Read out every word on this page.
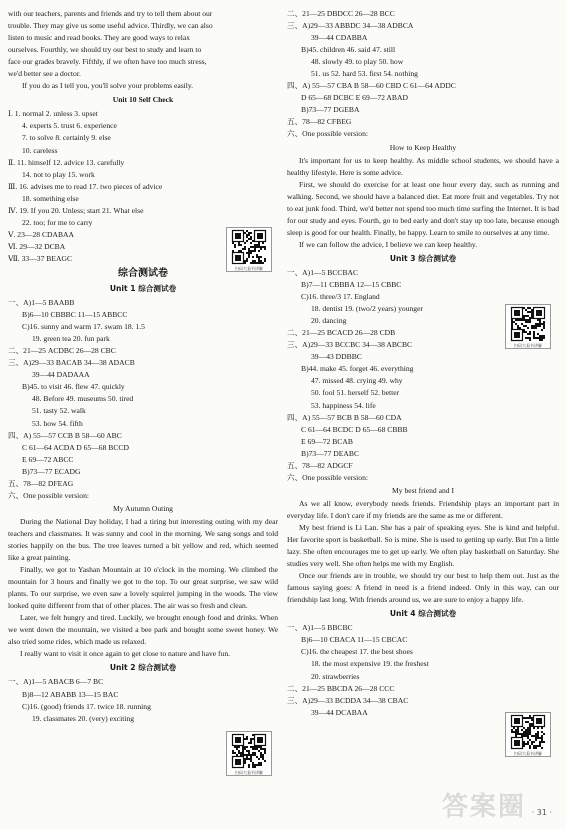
with our teachers, parents and friends and try to tell them about our

trouble. They may give us some useful advice. Thirdly, we can also

listen to music and read books. They are good ways to relax

ourselves. Fourthly, we should try our best to study and learn to

face our grades bravely. Fifthly, if we often have too much stress,

we'd better see a doctor.

If you do as I tell you, you'll solve your problems easily.

Unit 10 Self Check

Ⅰ. 1. normal 2. unless 3. upset

4. experts 5. trust 6. experience

7. to solve 8. certainly 9. else

10. careless

Ⅱ. 11. himself 12. advice 13. carefully

14. not to play 15. work

Ⅲ. 16. advises me to read 17. two pieces of advice

18. something else

Ⅳ. 19. If you 20. Unless; start 21. What else

22. too; for me to carry

Ⅴ. 23—28 CDABAA

Ⅵ. 29—32 DCBA

Ⅶ. 33—37 BEAGC

综合测试卷
Unit 1 综合测试卷

一、A)1—5 BAABB

B)6—10 CBBBC 11—15 ABBCC

C)16. sunny and warm 17. swam 18. 1.5

19. green tea 20. fun park

二、21—25 ACDBC 26—28 CBC

三、A)29—33 BACAB 34—38 ADACB

39—44 DADAAA

B)45. to visit 46. flew 47. quickly

48. Before 49. museums 50. tired

51. tasty 52. walk

53. how 54. fifth

四、A) 55—57 CCB B 58—60 ABC

C 61—64 ACDA D 65—68 BCCD

E 69—72 ABCC

B)73—77 ECADG

五、78—82 DFEAG

六、One possible version:

My Autumn Outing

During the National Day holiday, I had a tiring but interesting outing with my dear teachers and classmates. It was sunny and cool in the morning. We sang songs and told stories happily on the bus. The tree leaves turned a bit yellow and red, which seemed like a great painting.

Finally, we got to Yashan Mountain at 10 o'clock in the morning. We climbed the mountain for 3 hours and finally we got to the top. To our great surprise, we saw wild plants. To our surprise, we even saw a lovely squirrel jumping in the woods. The view looked quite different from that of other places. The air was so fresh and clean.

Later, we felt hungry and tired. Luckily, we brought enough food and drinks. When we went down the mountain, we visited a bee park and bought some sweet honey. We also tried some rides, which made us relaxed.

I really want to visit it once again to get close to nature and have fun.

Unit 2 综合测试卷

一、A)1—5 ABACB 6—7 BC

B)8—12 ABABB 13—15 BAC

C)16. (good) friends 17. twice 18. running

19. classmates 20. (very) exciting

二、21—25 DBDCC 26—28 BCC

三、A)29—33 ABBDC 34—38 ADBCA

39—44 CDABBA

B)45. children 46. said 47. still

48. slowly 49. to play 50. how

51. us 52. hard 53. first 54. nothing

四、A) 55—57 CBA B 58—60 CBD C 61—64 ADDC

D 65—68 DCBC E 69—72 ABAD

B)73—77 DGEBA

五、78—82 CFBEG

六、One possible version:

How to Keep Healthy

It's important for us to keep healthy. As middle school students, we should have a healthy lifestyle. Here is some advice.

First, we should do exercise for at least one hour every day, such as running and walking. Second, we should have a balanced diet. Eat more fruit and vegetables. Try not to eat junk food. Third, we'd better not spend too much time surfing the Internet. It is bad for our study and eyes. Fourth, go to bed early and don't stay up too late, because enough sleep is good for our health. Finally, be happy. Learn to smile to ourselves at any time.

If we can follow the advice, I believe we can keep healthy.

Unit 3 综合测试卷

一、A)1—5 BCCBAC

B)7—11 CBBBA 12—15 CBBC

C)16. three/3 17. England

18. dentist 19. (two/2 years) younger

20. dancing

二、21—25 BCACD 26—28 CDB

三、A)29—33 BCCBC 34—38 ABCBC

39—43 DDBBC

B)44. make 45. forget 46. everything

47. missed 48. crying 49. why

50. fool 51. herself 52. better

53. happiness 54. life

四、A) 55—57 BCB B 58—60 CDA

C 61—64 BCDC D 65—68 CBBB

E 69—72 BCAB

B)73—77 DEABC

五、78—82 ADGCF

六、One possible version:

My best friend and I

As we all know, everybody needs friends. Friendship plays an important part in everyday life. I don't care if my friends are the same as me or different.

My best friend is Li Lan. She has a pair of speaking eyes. She is kind and helpful. Her favorite sport is basketball. So is mine. She is used to getting up early. But I'm a little lazy. She often encourages me to get up early. We often play basketball on Saturday. She studies very well. She often helps me with my English.

Once our friends are in trouble, we should try our best to help them out. Just as the famous saying goes: A friend in need is a friend indeed. Only in this way, can our friendship last long. With friends around us, we are sure to enjoy a happy life.

Unit 4 综合测试卷

一、A)1—5 BBCBC

B)6—10 CBACA 11—15 CBCAC

C)16. the cheapest 17. the best shoes

18. the most expensive 19. the freshest

20. strawberries

二、21—25 BBCDA 26—28 CCC

三、A)29—33 BCDDA 34—38 CBAC

39—44 DCABAA

扫码大看书讲解
扫码大看书讲解
扫码大看书讲解
扫码大看书讲解
答案圈 · 31 ·
